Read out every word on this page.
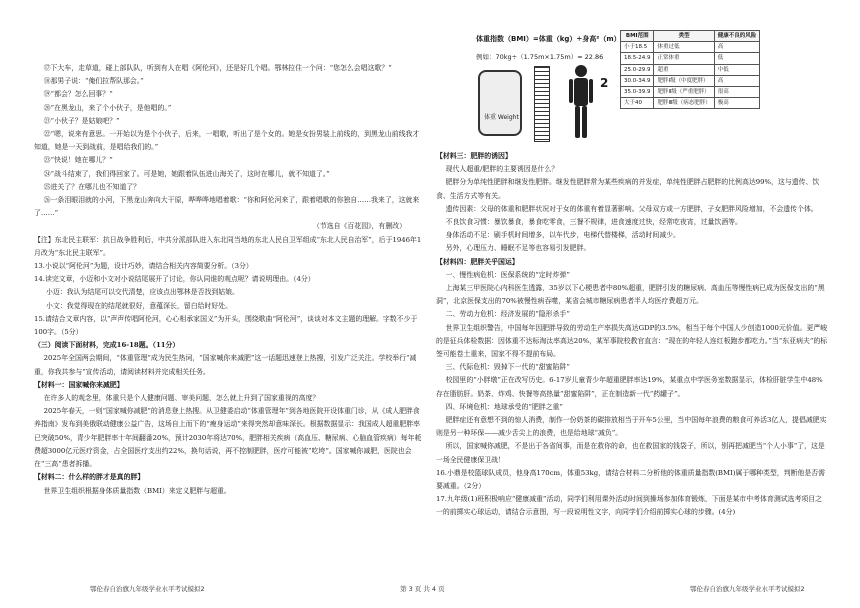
⑰下大车，走草道，碰上部队队，听到有人在唱《阿伦河》，还是好几个唱。鄂林拉住一个问：“您怎么会唱这歌？”

⑱那男子说：“俺们拉帮队那会。”

⑲“都会？怎么回事？”

⑳“在黑龙山，来了个小伙子，是他唱的。”

㉑“小伙子？是姑娘吧？”

㉒“嗯，说来有意思。一开始以为是个小伙子，后来，一唱歌，听出了是个女的。她是女扮男装上前线的，到黑龙山前线我才知道，她是一天到战前，是唱给我们的。”

㉓“快说！她在哪儿？”

㉔“战斗结束了，我们得回家了。可是她，她跟着队伍进山海关了，这时在哪儿，就不知道了。”

㉕进关了？在哪儿也不知道了？

㉖一条泪眼泪就的小河，下黑龙山奔向大干原，哗哗哗地唱着歌：“你和阿伦河来了，跟着唱歌的你独自……我来了，这就来了……”

（节选自《百花园》，有删改）

【注】东北民主联军：抗日战争胜利后，中共分派部队进入东北同当地的东北人民自卫军组成“东北人民自治军”，后于1946年1月改为“东北民主联军”。

13.小说以“阿伦河”为题，设计巧妙，请结合相关内容简要分析。（3分）

14.读完文章，小迈和小文对小说结尾展开了讨论，你认同谁的观点呢？请说明理由。（4分）

小迈：我认为结尾可以交代清楚，应该点出鄂林是否找到姑娘。

小文：我觉得现在的结尾就很好，意蕴深长，留白给时好处。

15.请结合文章内容，以“声声传唱阿伦河，心心相承家国义”为开头，围绕歌曲“阿伦河”，谈谈对本文主题的理解。字数不少于100字。（5分）

（三）阅读下面材料，完成16-18题。（11分）

2025年全国两会期间，“体重管理”成为民生热词，“国家喊你来减肥”这一话题迅速登上热搜，引发广泛关注。学校举行“减重，你我共参与”宣传活动，请阅读材料并完成相关任务。

【材料一：国家喊你来减肥】

在许多人的观念里，体重只是个人健康问题、审美问题，怎么就上升到了国家重视的高度？

2025年春天，一则“国家喊你减肥”的消息登上热搜。从卫健委启动“体重管理年”到各地医院开设体重门诊，从《成人肥胖食养指南》发布到美俄联动健康公益广告，这场自上而下的“瘦身运动”来得突然却意味深长。根据数据显示：我国成人超重肥胖率已突破50%，青少年肥胖率十年间翻番20%，预计2030年将达70%，肥胖相关疾病（高血压、糖尿病、心脑血管疾病）每年耗费超3000亿元医疗资金，占全国医疗支出约22%，换句话说，再不控制肥胖，医疗可能被“吃垮”。国家喊你减肥，医院也会在“三高”患者拆播。

【材料二：什么样的胖才是真的胖】

世界卫生组织根据身体质量指数（BMI）来定义肥胖与超重。

体重指数（BMI）=体重（kg）÷身高²（m）
例如：70kg÷（1.75m×1.75m）≈ 22.86
体重 Weight
2
BMI范围	类型	健康不良的风险
小于18.5	体重过低	高
18.5-24.9	正常体重	低
25.0-29.9	超重	中低
30.0-34.9	肥胖Ⅰ级（中度肥胖）	高
35.0-39.9	肥胖Ⅱ级（严重肥胖）	很高
大于40	肥胖Ⅲ级（病态肥胖）	极高

【材料三：肥胖的诱因】

现代人超重/肥胖的主要诱因是什么？

肥胖分为单纯性肥胖和继发性肥胖。继发性肥胖常为某些疾病的并发症，单纯性肥胖占肥胖的比例高达99%，这与遗传、饮食、生活方式等有关。

遗传因素：父母的体重和肥胖状况对于女的体重有着显著影响。父母双方或一方肥胖，子女肥胖风险增加，不会遗传个体。

不良饮食习惯：暴饮暴食，暴食吃零食，三餐不规律，进食速度过快，经常吃夜宵，过量饮酒等。

身体活动不足：刷手机时间增多，以车代步，电梯代替楼梯，活动时间减少。

另外，心理压力、睡眠不足等也容易引发肥胖。

【材料四：肥胖关乎国运】

一、慢性病危机：医保系统的“定时炸弹”

上海某三甲医院心内科医生透露，35岁以下心梗患者中80%超重，肥胖引发的糖尿病、高血压等慢性病已成为医保支出的“黑洞”，北京医保支出的70%被慢性病吞噬，某省会城市糖尿病患者半人均医疗费超万元。

二、劳动力危机：经济发展的“隐形杀手”

世界卫生组织警告，中国每年因肥胖导致的劳动生产率损失高达GDP的3.5%，相当于每个中国人少创造1000元价值。更严峻的是征兵体检数据：因体重不达标淘汰率高达20%，某军事院校教官直言：“现在的年轻人连红板跑步都吃力。”当“东亚病夫”的标签可能卷土重来，国家不得不提前布局。

三、代际危机：毁掉下一代的“甜蜜陷阱”

校园里的“小胖墩”正在改写历史。6-17岁儿童青少年超重肥胖率达19%，某重点中学医务室数据显示，体检肝脏学生中48%存在脂肪肝。奶茶、炸鸡、快餐等高热量“甜蜜陷阱”，正在制造新一代“药罐子”。

四、环境危机：地球承受的“肥胖之重”

肥胖症还有意想不到的惊人消费，制作一份奶茶的碳排放相当于开车5公里，当中国每年浪费的粮食可养活3亿人，提倡减肥实则是另一种环保——减少舌尖上的浪费，也是给地球“减负”。

所以，国家喊你减肥，不是出于各省间事，而是在救你的命，也在救国家的钱袋子，所以，别再把减肥当“个人小事”了，这是一场全民健康保卫战！

16.小鼎是校篮球队成员，他身高170cm，体重53kg，请结合材料二分析他的体重质量指数(BMI)属于哪种类型，判断他是否需要减重。（2分）

17.九年级(1)班积极响应“健康减重”活动，同学们利用课外活动时间到操场参加体育锻炼，下面是某市中考体育测试选考项目之一的前掷实心球运动，请结合示意图，写一段说明性文字，向同学们介绍前掷实心球的步骤。(4分)

鄂伦春自治旗九年级学业水平考试模拟2	第 3 页 共 4 页	鄂伦春自治旗九年级学业水平考试模拟2
